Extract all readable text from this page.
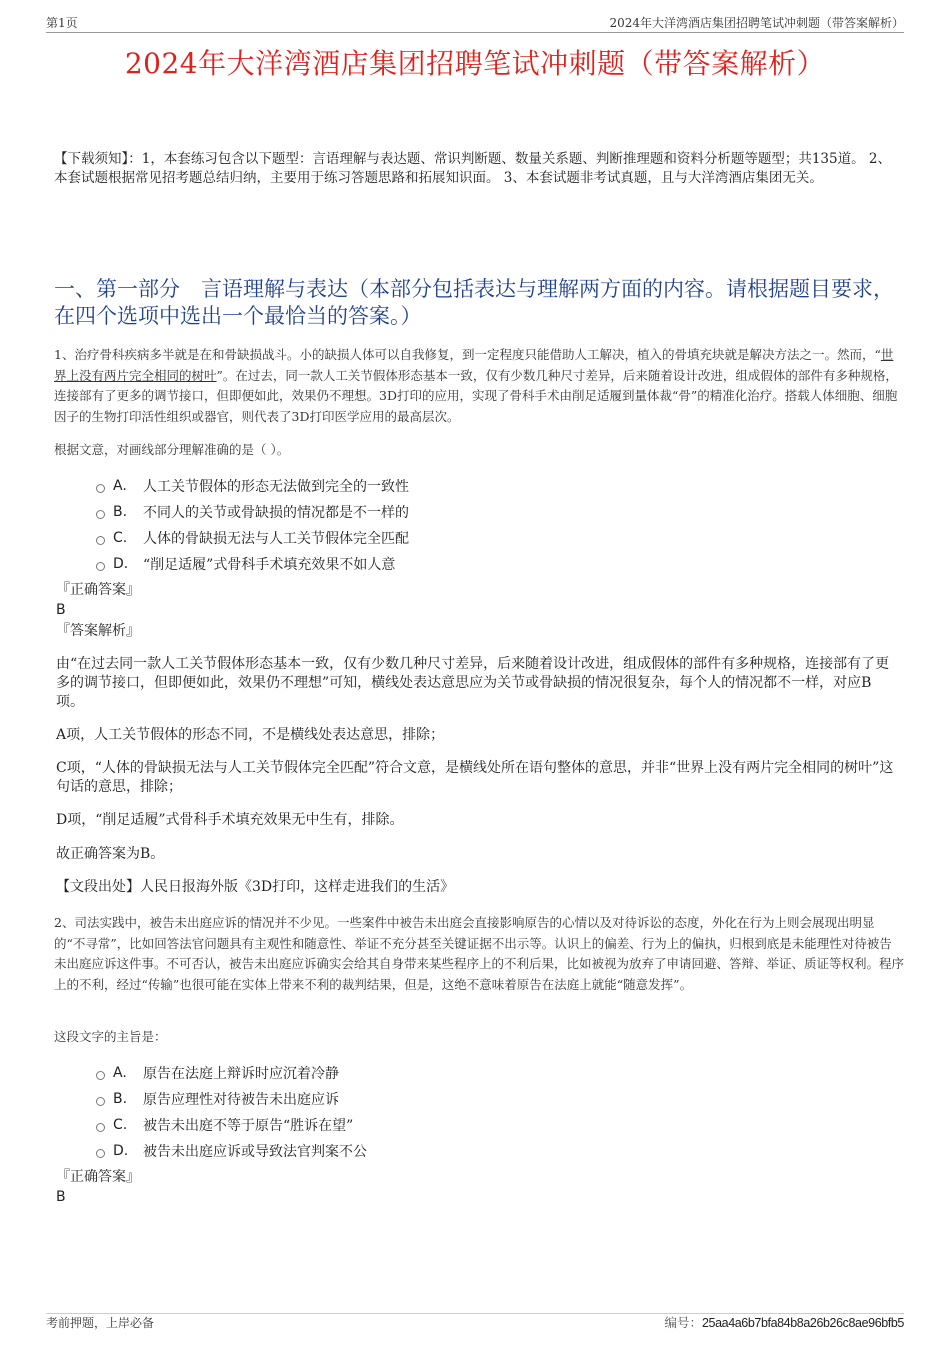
第1页	2024年大洋湾酒店集团招聘笔试冲刺题（带答案解析）
2024年大洋湾酒店集团招聘笔试冲刺题（带答案解析）
【下载须知】：1，本套练习包含以下题型：言语理解与表达题、常识判断题、数量关系题、判断推理题和资料分析题等题型；共135道。 2、本套试题根据常见招考题总结归纳，主要用于练习答题思路和拓展知识面。 3、本套试题非考试真题，且与大洋湾酒店集团无关。
一、第一部分　言语理解与表达（本部分包括表达与理解两方面的内容。请根据题目要求，在四个选项中选出一个最恰当的答案。）
1、治疗骨科疾病多半就是在和骨缺损战斗。小的缺损人体可以自我修复，到一定程度只能借助人工解决，植入的骨填充块就是解决方法之一。然而，“世界上没有两片完全相同的树叶”。在过去，同一款人工关节假体形态基本一致，仅有少数几种尺寸差异，后来随着设计改进，组成假体的部件有多种规格，连接部有了更多的调节接口，但即便如此，效果仍不理想。3D打印的应用，实现了骨科手术由削足适履到量体裁“骨”的精准化治疗。搭载人体细胞、细胞因子的生物打印活性组织或器官，则代表了3D打印医学应用的最高层次。
根据文意，对画线部分理解准确的是（ ）。
A.	人工关节假体的形态无法做到完全的一致性
B.	不同人的关节或骨缺损的情况都是不一样的
C.	人体的骨缺损无法与人工关节假体完全匹配
D.	“削足适履”式骨科手术填充效果不如人意
『正确答案』
B
『答案解析』
由“在过去同一款人工关节假体形态基本一致，仅有少数几种尺寸差异，后来随着设计改进，组成假体的部件有多种规格，连接部有了更多的调节接口，但即便如此，效果仍不理想”可知，横线处表达意思应为关节或骨缺损的情况很复杂，每个人的情况都不一样，对应B项。
A项，人工关节假体的形态不同，不是横线处表达意思，排除；
C项，“人体的骨缺损无法与人工关节假体完全匹配”符合文意，是横线处所在语句整体的意思，并非“世界上没有两片完全相同的树叶”这句话的意思，排除；
D项，“削足适履”式骨科手术填充效果无中生有，排除。
故正确答案为B。
【文段出处】人民日报海外版《3D打印，这样走进我们的生活》
2、司法实践中，被告未出庭应诉的情况并不少见。一些案件中被告未出庭会直接影响原告的心情以及对待诉讼的态度，外化在行为上则会展现出明显的“不寻常”，比如回答法官问题具有主观性和随意性、举证不充分甚至关键证据不出示等。认识上的偏差、行为上的偏执，归根到底是未能理性对待被告未出庭应诉这件事。不可否认，被告未出庭应诉确实会给其自身带来某些程序上的不利后果，比如被视为放弃了申请回避、答辩、举证、质证等权利。程序上的不利，经过“传输”也很可能在实体上带来不利的裁判结果，但是，这绝不意味着原告在法庭上就能“随意发挥”。
这段文字的主旨是：
A.	原告在法庭上辩诉时应沉着冷静
B.	原告应理性对待被告未出庭应诉
C.	被告未出庭不等于原告“胜诉在望”
D.	被告未出庭应诉或导致法官判案不公
『正确答案』
B
考前押题，上岸必备	编号：25aa4a6b7bfa84b8a26b26c8ae96bfb5
